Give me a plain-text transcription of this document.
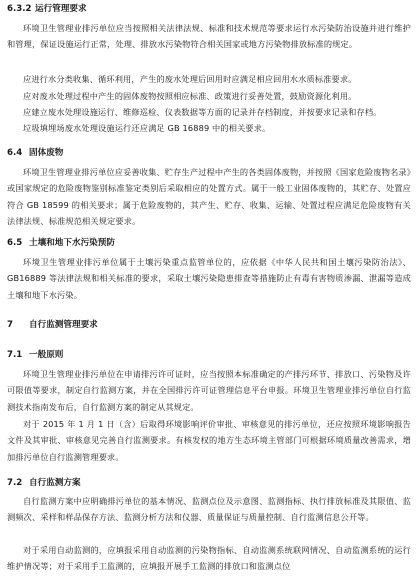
6.3.2 运行管理要求
环境卫生管理业排污单位应当按照相关法律法规、标准和技术规范等要求运行水污染防治设施并进行维护和管理，保证设施运行正常，处理、排放水污染物符合相关国家或地方污染物排放标准的规定。
应进行水分类收集、循环利用，产生的废水处理后回用时应满足相应回用水水质标准要求。
应对废水处理过程中产生的固体废物按照相应标准、政策进行妥善处置，鼓励资源化利用。
应建立废水处理设施运行、维修巡检、仪表数据等方面的记录并存档制度，并按要求记录和存档。
垃圾填埋场废水处理设施运行还应满足 GB 16889 中的相关要求。
6.4 固体废物
环境卫生管理业排污单位应妥善收集、贮存生产过程中产生的各类固体废物，并按照《国家危险废物名录》或国家规定的危险废物鉴别标准鉴定类别后采取相应的处置方式。属于一般工业固体废物的，其贮存、处置应符合 GB 18599 的相关要求；属于危险废物的，其产生、贮存、收集、运输、处置过程应满足危险废物有关法律法规、标准规范相关规定要求。
6.5 土壤和地下水污染预防
环境卫生管理业排污单位属于土壤污染重点监管单位的，应依据《中华人民共和国土壤污染防治法》、GB16889 等法律法规和相关标准的要求，采取土壤污染隐患排查等措施防止有毒有害物质渗漏、泄漏等造成土壤和地下水污染。
7 自行监测管理要求
7.1 一般原则
环境卫生管理业排污单位在申请排污许可证时，应当按照本标准确定的产排污环节、排放口、污染物及许可限值等要求，制定自行监测方案，并在全国排污许可证管理信息平台申报。环境卫生管理业排污单位自行监测技术指南发布后，自行监测方案的制定从其规定。
对于 2015 年 1 月 1 日（含）后取得环境影响评价审批、审核意见的排污单位，还应按照环境影响报告文件及其审批、审核意见完善自行监测要求。有核发权的地方生态环境主管部门可根据环境质量改善需求，增加排污单位自行监测管理要求。
7.2 自行监测方案
自行监测方案中应明确排污单位的基本情况、监测点位及示意图、监测指标、执行排放标准及其限值、监测频次、采样和样品保存方法、监测分析方法和仪器、质量保证与质量控制、自行监测信息公开等。
对于采用自动监测的，应填报采用自动监测的污染物指标、自动监测系统联网情况、自动监测系统的运行维护情况等；对于采用手工监测的，应填报开展手工监测的排放口和监测点位
